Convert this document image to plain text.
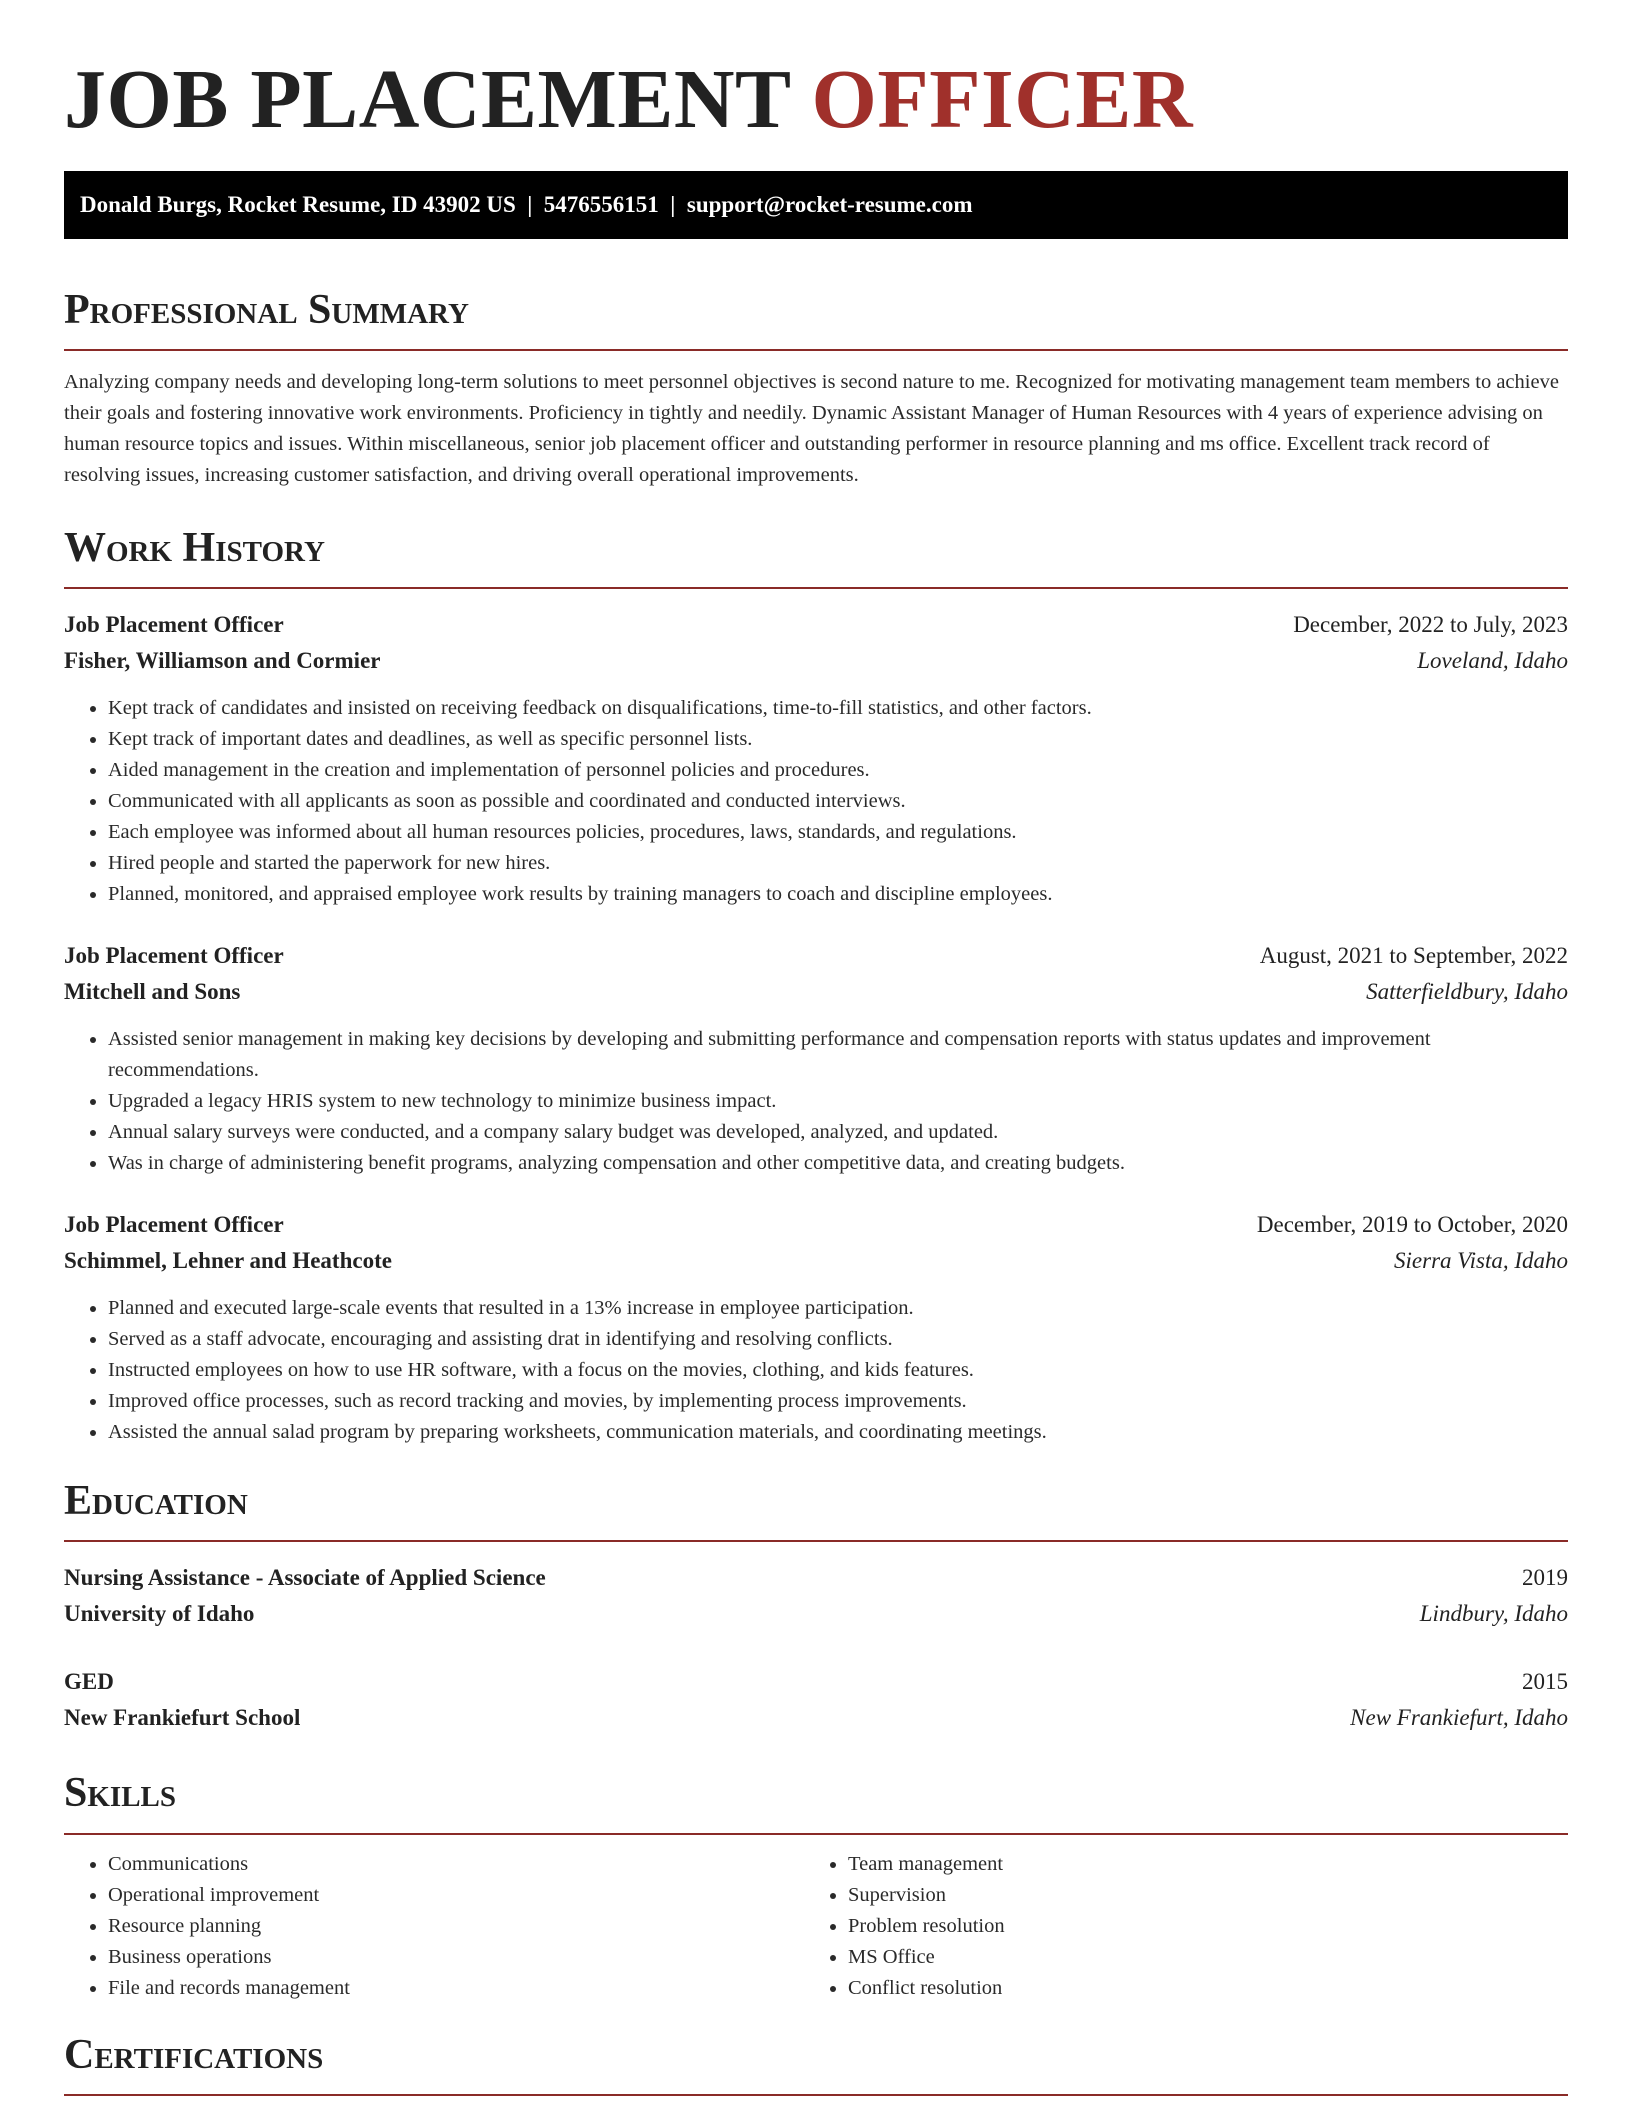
JOB PLACEMENT OFFICER
Donald Burgs, Rocket Resume, ID 43902 US  |  5476556151  |  support@rocket-resume.com
Professional Summary
Analyzing company needs and developing long-term solutions to meet personnel objectives is second nature to me. Recognized for motivating management team members to achieve their goals and fostering innovative work environments. Proficiency in tightly and needily. Dynamic Assistant Manager of Human Resources with 4 years of experience advising on human resource topics and issues. Within miscellaneous, senior job placement officer and outstanding performer in resource planning and ms office. Excellent track record of resolving issues, increasing customer satisfaction, and driving overall operational improvements.
Work History
Job Placement Officer	December, 2022 to July, 2023
Fisher, Williamson and Cormier	Loveland, Idaho
• Kept track of candidates and insisted on receiving feedback on disqualifications, time-to-fill statistics, and other factors.
• Kept track of important dates and deadlines, as well as specific personnel lists.
• Aided management in the creation and implementation of personnel policies and procedures.
• Communicated with all applicants as soon as possible and coordinated and conducted interviews.
• Each employee was informed about all human resources policies, procedures, laws, standards, and regulations.
• Hired people and started the paperwork for new hires.
• Planned, monitored, and appraised employee work results by training managers to coach and discipline employees.
Job Placement Officer	August, 2021 to September, 2022
Mitchell and Sons	Satterfieldbury, Idaho
• Assisted senior management in making key decisions by developing and submitting performance and compensation reports with status updates and improvement recommendations.
• Upgraded a legacy HRIS system to new technology to minimize business impact.
• Annual salary surveys were conducted, and a company salary budget was developed, analyzed, and updated.
• Was in charge of administering benefit programs, analyzing compensation and other competitive data, and creating budgets.
Job Placement Officer	December, 2019 to October, 2020
Schimmel, Lehner and Heathcote	Sierra Vista, Idaho
• Planned and executed large-scale events that resulted in a 13% increase in employee participation.
• Served as a staff advocate, encouraging and assisting drat in identifying and resolving conflicts.
• Instructed employees on how to use HR software, with a focus on the movies, clothing, and kids features.
• Improved office processes, such as record tracking and movies, by implementing process improvements.
• Assisted the annual salad program by preparing worksheets, communication materials, and coordinating meetings.
Education
Nursing Assistance - Associate of Applied Science	2019
University of Idaho	Lindbury, Idaho
GED	2015
New Frankiefurt School	New Frankiefurt, Idaho
Skills
• Communications
• Operational improvement
• Resource planning
• Business operations
• File and records management
• Team management
• Supervision
• Problem resolution
• MS Office
• Conflict resolution
Certifications
